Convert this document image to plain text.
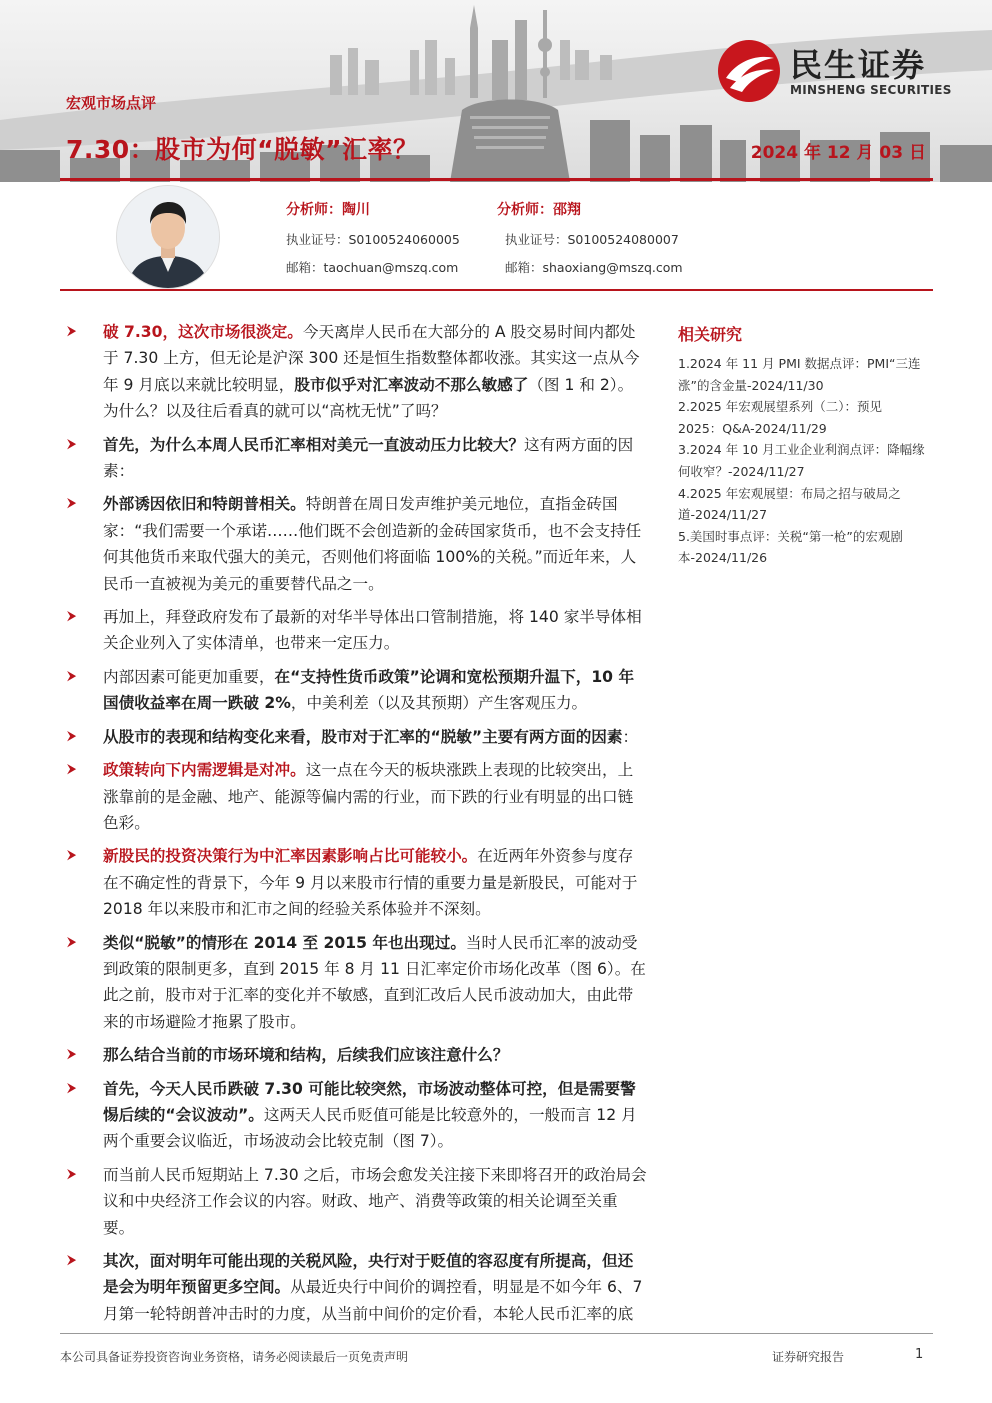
民生证券
MINSHENG SECURITIES
宏观市场点评
7.30：股市为何“脱敏”汇率？	2024 年 12 月 03 日
分析师：陶川
执业证号：S0100524060005
邮箱：taochuan@mszq.com
分析师：邵翔
执业证号：S0100524080007
邮箱：shaoxiang@mszq.com
⮞ 破 7.30，这次市场很淡定。今天离岸人民币在大部分的 A 股交易时间内都处于 7.30 上方，但无论是沪深 300 还是恒生指数整体都收涨。其实这一点从今年 9 月底以来就比较明显，股市似乎对汇率波动不那么敏感了（图 1 和 2）。为什么？以及往后看真的就可以“高枕无忧”了吗？
⮞ 首先，为什么本周人民币汇率相对美元一直波动压力比较大？这有两方面的因素：
⮞ 外部诱因依旧和特朗普相关。特朗普在周日发声维护美元地位，直指金砖国家：“我们需要一个承诺……他们既不会创造新的金砖国家货币，也不会支持任何其他货币来取代强大的美元，否则他们将面临 100%的关税。”而近年来，人民币一直被视为美元的重要替代品之一。
⮞ 再加上，拜登政府发布了最新的对华半导体出口管制措施，将 140 家半导体相关企业列入了实体清单，也带来一定压力。
⮞ 内部因素可能更加重要，在“支持性货币政策”论调和宽松预期升温下，10 年国债收益率在周一跌破 2%，中美利差（以及其预期）产生客观压力。
⮞ 从股市的表现和结构变化来看，股市对于汇率的“脱敏”主要有两方面的因素：
⮞ 政策转向下内需逻辑是对冲。这一点在今天的板块涨跌上表现的比较突出，上涨靠前的是金融、地产、能源等偏内需的行业，而下跌的行业有明显的出口链色彩。
⮞ 新股民的投资决策行为中汇率因素影响占比可能较小。在近两年外资参与度存在不确定性的背景下，今年 9 月以来股市行情的重要力量是新股民，可能对于 2018 年以来股市和汇市之间的经验关系体验并不深刻。
⮞ 类似“脱敏”的情形在 2014 至 2015 年也出现过。当时人民币汇率的波动受到政策的限制更多，直到 2015 年 8 月 11 日汇率定价市场化改革（图 6）。在此之前，股市对于汇率的变化并不敏感，直到汇改后人民币波动加大，由此带来的市场避险才拖累了股市。
⮞ 那么结合当前的市场环境和结构，后续我们应该注意什么？
⮞ 首先，今天人民币跌破 7.30 可能比较突然，市场波动整体可控，但是需要警惕后续的“会议波动”。这两天人民币贬值可能是比较意外的，一般而言 12 月两个重要会议临近，市场波动会比较克制（图 7）。
⮞ 而当前人民币短期站上 7.30 之后，市场会愈发关注接下来即将召开的政治局会议和中央经济工作会议的内容。财政、地产、消费等政策的相关论调至关重要。
⮞ 其次，面对明年可能出现的关税风险，央行对于贬值的容忍度有所提高，但还是会为明年预留更多空间。从最近央行中间价的调控看，明显是不如今年 6、7 月第一轮特朗普冲击时的力度，从当前中间价的定价看，本轮人民币汇率的底
相关研究
1.2024 年 11 月 PMI 数据点评：PMI“三连涨”的含金量-2024/11/30
2.2025 年宏观展望系列（二）：预见 2025：Q&A-2024/11/29
3.2024 年 10 月工业企业利润点评：降幅缘何收窄？-2024/11/27
4.2025 年宏观展望：布局之招与破局之道-2024/11/27
5.美国时事点评：关税“第一枪”的宏观剧本-2024/11/26
本公司具备证券投资咨询业务资格，请务必阅读最后一页免责声明	证券研究报告	1
